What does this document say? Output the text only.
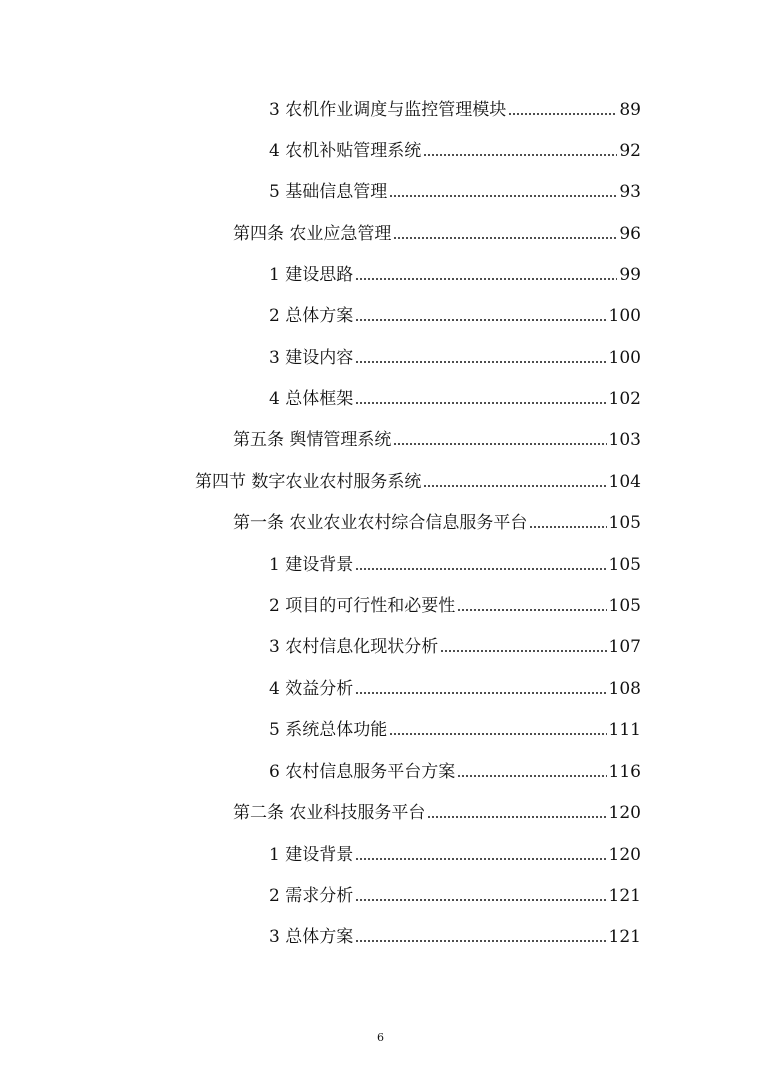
3 农机作业调度与监控管理模块	89
4 农机补贴管理系统	92
5 基础信息管理	93
第四条 农业应急管理	96
1 建设思路	99
2 总体方案	100
3 建设内容	100
4 总体框架	102
第五条 舆情管理系统	103
第四节 数字农业农村服务系统	104
第一条 农业农业农村综合信息服务平台	105
1 建设背景	105
2 项目的可行性和必要性	105
3 农村信息化现状分析	107
4 效益分析	108
5 系统总体功能	111
6 农村信息服务平台方案	116
第二条 农业科技服务平台	120
1 建设背景	120
2 需求分析	121
3 总体方案	121
6
